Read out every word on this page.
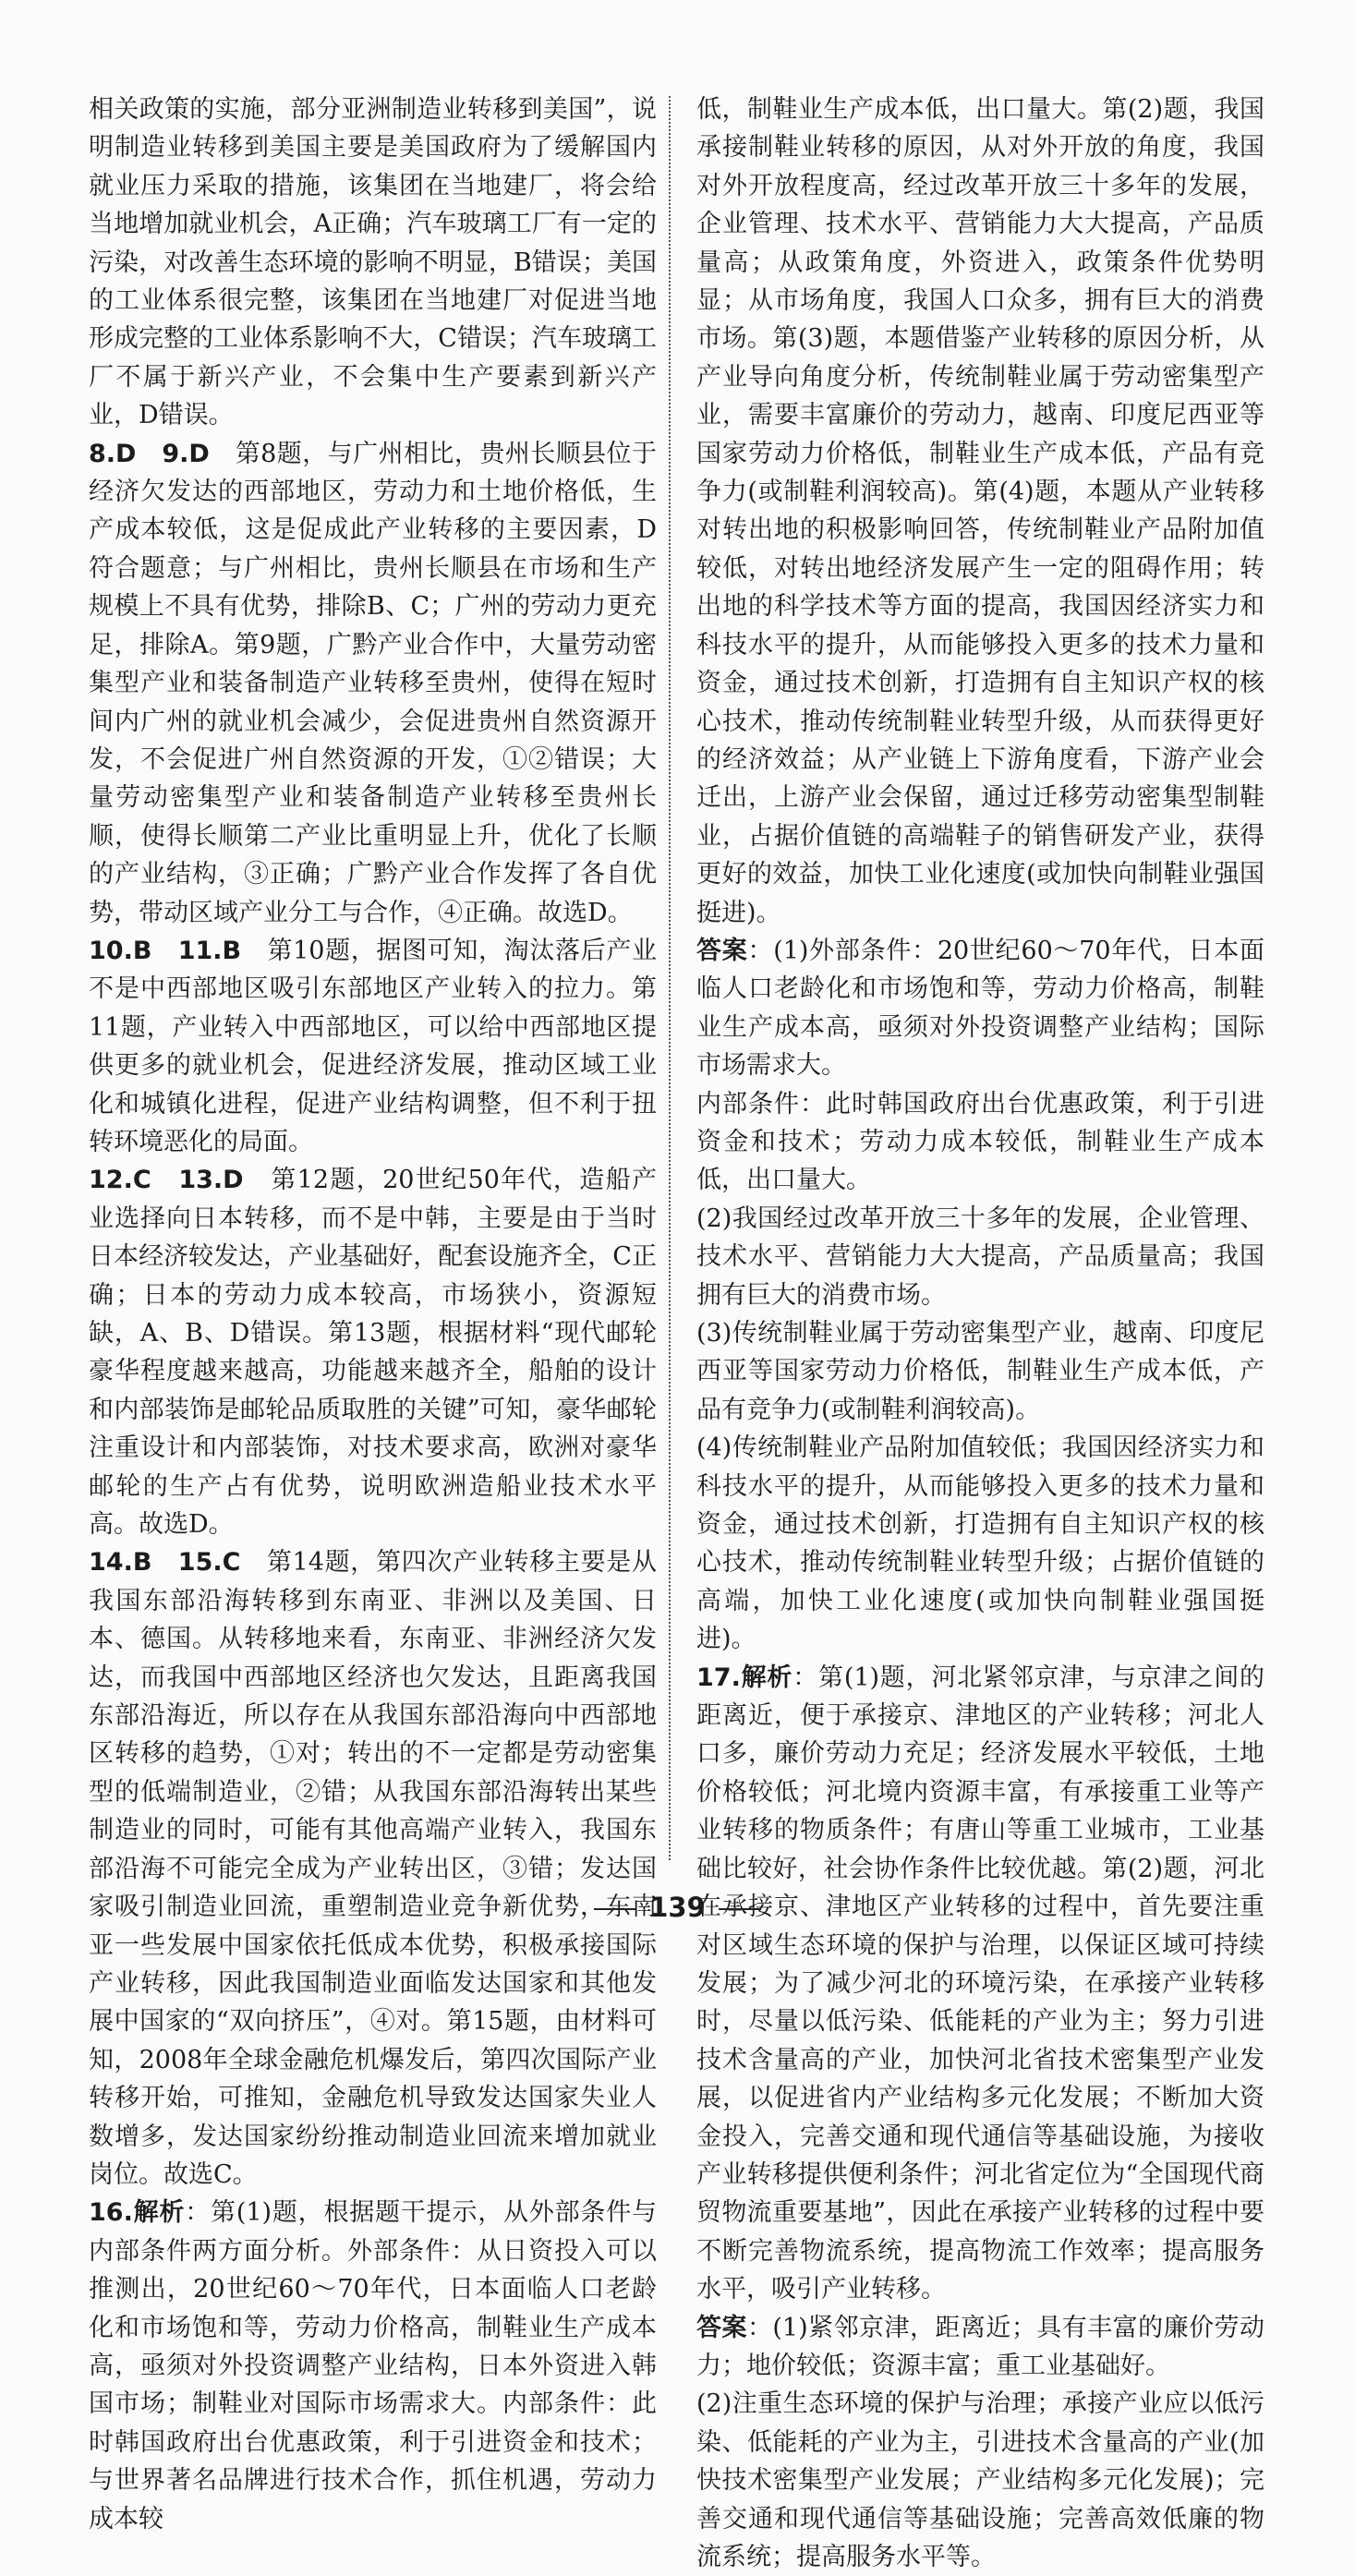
相关政策的实施，部分亚洲制造业转移到美国”，说明制造业转移到美国主要是美国政府为了缓解国内就业压力采取的措施，该集团在当地建厂，将会给当地增加就业机会，A正确；汽车玻璃工厂有一定的污染，对改善生态环境的影响不明显，B错误；美国的工业体系很完整，该集团在当地建厂对促进当地形成完整的工业体系影响不大，C错误；汽车玻璃工厂不属于新兴产业，不会集中生产要素到新兴产业，D错误。

8.D　9.D　第8题，与广州相比，贵州长顺县位于经济欠发达的西部地区，劳动力和土地价格低，生产成本较低，这是促成此产业转移的主要因素，D符合题意；与广州相比，贵州长顺县在市场和生产规模上不具有优势，排除B、C；广州的劳动力更充足，排除A。第9题，广黔产业合作中，大量劳动密集型产业和装备制造产业转移至贵州，使得在短时间内广州的就业机会减少，会促进贵州自然资源开发，不会促进广州自然资源的开发，①②错误；大量劳动密集型产业和装备制造产业转移至贵州长顺，使得长顺第二产业比重明显上升，优化了长顺的产业结构，③正确；广黔产业合作发挥了各自优势，带动区域产业分工与合作，④正确。故选D。

10.B　11.B　第10题，据图可知，淘汰落后产业不是中西部地区吸引东部地区产业转入的拉力。第11题，产业转入中西部地区，可以给中西部地区提供更多的就业机会，促进经济发展，推动区域工业化和城镇化进程，促进产业结构调整，但不利于扭转环境恶化的局面。

12.C　13.D　第12题，20世纪50年代，造船产业选择向日本转移，而不是中韩，主要是由于当时日本经济较发达，产业基础好，配套设施齐全，C正确；日本的劳动力成本较高，市场狭小，资源短缺，A、B、D错误。第13题，根据材料“现代邮轮豪华程度越来越高，功能越来越齐全，船舶的设计和内部装饰是邮轮品质取胜的关键”可知，豪华邮轮注重设计和内部装饰，对技术要求高，欧洲对豪华邮轮的生产占有优势，说明欧洲造船业技术水平高。故选D。

14.B　15.C　第14题，第四次产业转移主要是从我国东部沿海转移到东南亚、非洲以及美国、日本、德国。从转移地来看，东南亚、非洲经济欠发达，而我国中西部地区经济也欠发达，且距离我国东部沿海近，所以存在从我国东部沿海向中西部地区转移的趋势，①对；转出的不一定都是劳动密集型的低端制造业，②错；从我国东部沿海转出某些制造业的同时，可能有其他高端产业转入，我国东部沿海不可能完全成为产业转出区，③错；发达国家吸引制造业回流，重塑制造业竞争新优势，东南亚一些发展中国家依托低成本优势，积极承接国际产业转移，因此我国制造业面临发达国家和其他发展中国家的“双向挤压”，④对。第15题，由材料可知，2008年全球金融危机爆发后，第四次国际产业转移开始，可推知，金融危机导致发达国家失业人数增多，发达国家纷纷推动制造业回流来增加就业岗位。故选C。

16.解析：第(1)题，根据题干提示，从外部条件与内部条件两方面分析。外部条件：从日资投入可以推测出，20世纪60～70年代，日本面临人口老龄化和市场饱和等，劳动力价格高，制鞋业生产成本高，亟须对外投资调整产业结构，日本外资进入韩国市场；制鞋业对国际市场需求大。内部条件：此时韩国政府出台优惠政策，利于引进资金和技术；与世界著名品牌进行技术合作，抓住机遇，劳动力成本较

低，制鞋业生产成本低，出口量大。第(2)题，我国承接制鞋业转移的原因，从对外开放的角度，我国对外开放程度高，经过改革开放三十多年的发展，企业管理、技术水平、营销能力大大提高，产品质量高；从政策角度，外资进入，政策条件优势明显；从市场角度，我国人口众多，拥有巨大的消费市场。第(3)题，本题借鉴产业转移的原因分析，从产业导向角度分析，传统制鞋业属于劳动密集型产业，需要丰富廉价的劳动力，越南、印度尼西亚等国家劳动力价格低，制鞋业生产成本低，产品有竞争力(或制鞋利润较高)。第(4)题，本题从产业转移对转出地的积极影响回答，传统制鞋业产品附加值较低，对转出地经济发展产生一定的阻碍作用；转出地的科学技术等方面的提高，我国因经济实力和科技水平的提升，从而能够投入更多的技术力量和资金，通过技术创新，打造拥有自主知识产权的核心技术，推动传统制鞋业转型升级，从而获得更好的经济效益；从产业链上下游角度看，下游产业会迁出，上游产业会保留，通过迁移劳动密集型制鞋业，占据价值链的高端鞋子的销售研发产业，获得更好的效益，加快工业化速度(或加快向制鞋业强国挺进)。

答案：(1)外部条件：20世纪60～70年代，日本面临人口老龄化和市场饱和等，劳动力价格高，制鞋业生产成本高，亟须对外投资调整产业结构；国际市场需求大。

内部条件：此时韩国政府出台优惠政策，利于引进资金和技术；劳动力成本较低，制鞋业生产成本低，出口量大。

(2)我国经过改革开放三十多年的发展，企业管理、技术水平、营销能力大大提高，产品质量高；我国拥有巨大的消费市场。

(3)传统制鞋业属于劳动密集型产业，越南、印度尼西亚等国家劳动力价格低，制鞋业生产成本低，产品有竞争力(或制鞋利润较高)。

(4)传统制鞋业产品附加值较低；我国因经济实力和科技水平的提升，从而能够投入更多的技术力量和资金，通过技术创新，打造拥有自主知识产权的核心技术，推动传统制鞋业转型升级；占据价值链的高端，加快工业化速度(或加快向制鞋业强国挺进)。

17.解析：第(1)题，河北紧邻京津，与京津之间的距离近，便于承接京、津地区的产业转移；河北人口多，廉价劳动力充足；经济发展水平较低，土地价格较低；河北境内资源丰富，有承接重工业等产业转移的物质条件；有唐山等重工业城市，工业基础比较好，社会协作条件比较优越。第(2)题，河北在承接京、津地区产业转移的过程中，首先要注重对区域生态环境的保护与治理，以保证区域可持续发展；为了减少河北的环境污染，在承接产业转移时，尽量以低污染、低能耗的产业为主；努力引进技术含量高的产业，加快河北省技术密集型产业发展，以促进省内产业结构多元化发展；不断加大资金投入，完善交通和现代通信等基础设施，为接收产业转移提供便利条件；河北省定位为“全国现代商贸物流重要基地”，因此在承接产业转移的过程中要不断完善物流系统，提高物流工作效率；提高服务水平，吸引产业转移。

答案：(1)紧邻京津，距离近；具有丰富的廉价劳动力；地价较低；资源丰富；重工业基础好。

(2)注重生态环境的保护与治理；承接产业应以低污染、低能耗的产业为主，引进技术含量高的产业(加快技术密集型产业发展；产业结构多元化发展)；完善交通和现代通信等基础设施；完善高效低廉的物流系统；提高服务水平等。

139
